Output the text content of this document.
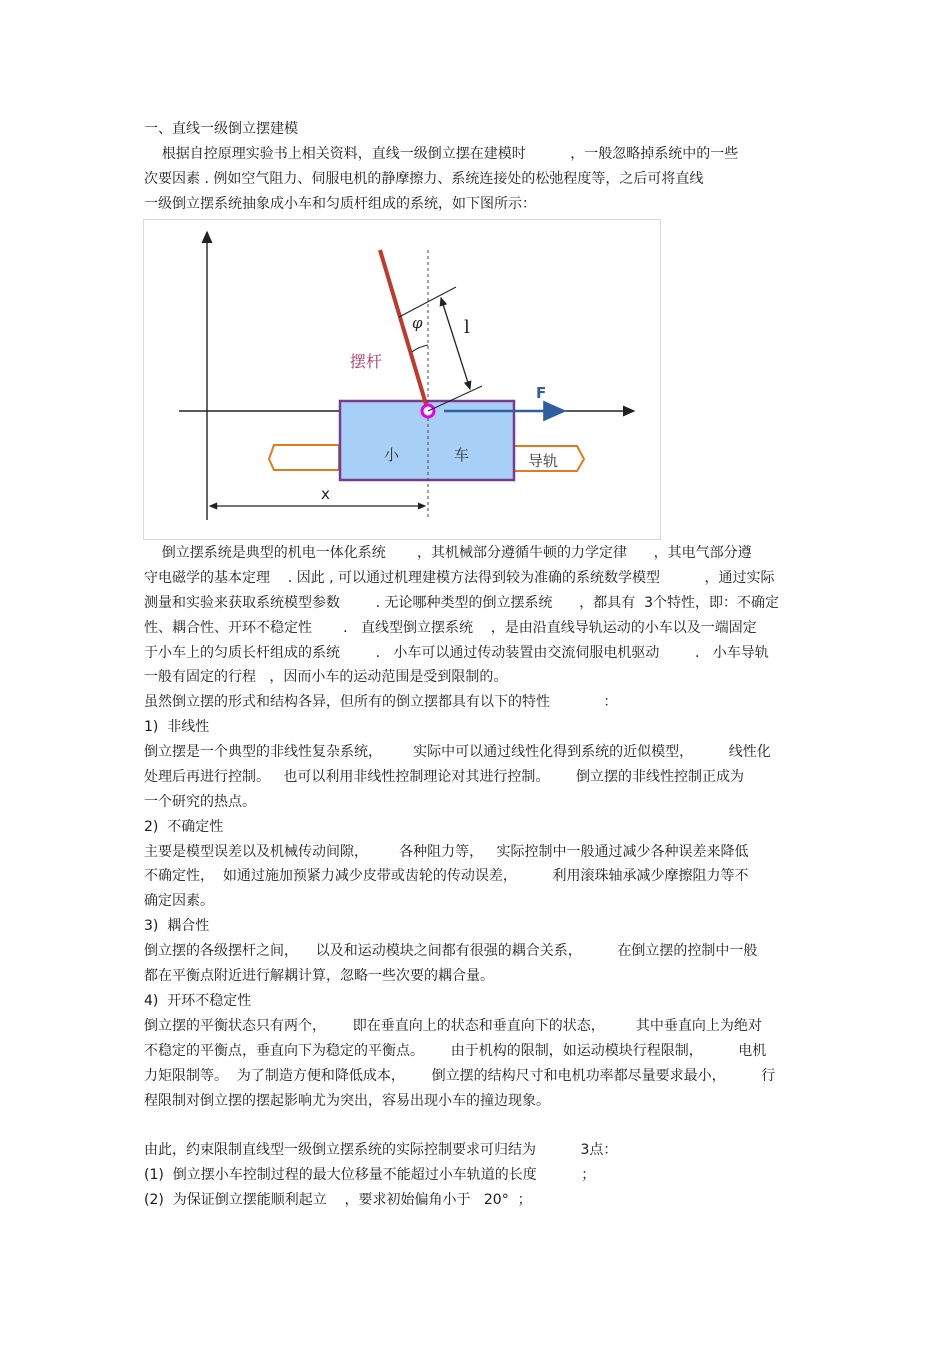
一、直线一级倒立摆建模
根据自控原理实验书上相关资料，直线一级倒立摆在建模时          ，一般忽略掉系统中的一些
次要因素 . 例如空气阻力、伺服电机的静摩擦力、系统连接处的松弛程度等，之后可将直线
一级倒立摆系统抽象成小车和匀质杆组成的系统，如下图所示：
摆杆
φ l
F
小	车	导轨
x
倒立摆系统是典型的机电一体化系统       ，其机械部分遵循牛顿的力学定律      ，其电气部分遵
守电磁学的基本定理    . 因此 , 可以通过机理建模方法得到较为准确的系统数学模型          ，通过实际
测量和实验来获取系统模型参数        . 无论哪种类型的倒立摆系统      ，都具有  3个特性，即：不确定
性、耦合性、开环不稳定性       .   直线型倒立摆系统    ，是由沿直线导轨运动的小车以及一端固定
于小车上的匀质长杆组成的系统        .   小车可以通过传动装置由交流伺服电机驱动        .   小车导轨
一般有固定的行程   ，因而小车的运动范围是受到限制的。
虽然倒立摆的形式和结构各异，但所有的倒立摆都具有以下的特性            ：
1)  非线性
倒立摆是一个典型的非线性复杂系统，       实际中可以通过线性化得到系统的近似模型，        线性化
处理后再进行控制。   也可以利用非线性控制理论对其进行控制。      倒立摆的非线性控制正成为
一个研究的热点。
2)  不确定性
主要是模型误差以及机械传动间隙，       各种阻力等，   实际控制中一般通过减少各种误差来降低
不确定性，  如通过施加预紧力减少皮带或齿轮的传动误差，        利用滚珠轴承减少摩擦阻力等不
确定因素。
3)  耦合性
倒立摆的各级摆杆之间，    以及和运动模块之间都有很强的耦合关系，        在倒立摆的控制中一般
都在平衡点附近进行解耦计算，忽略一些次要的耦合量。
4)  开环不稳定性
倒立摆的平衡状态只有两个，      即在垂直向上的状态和垂直向下的状态，       其中垂直向上为绝对
不稳定的平衡点，垂直向下为稳定的平衡点。      由于机构的限制，如运动模块行程限制，        电机
力矩限制等。  为了制造方便和降低成本，      倒立摆的结构尺寸和电机功率都尽量要求最小，        行
程限制对倒立摆的摆起影响尤为突出，容易出现小车的撞边现象。
由此，约束限制直线型一级倒立摆系统的实际控制要求可归结为          3点：
(1)  倒立摆小车控制过程的最大位移量不能超过小车轨道的长度          ；
(2)  为保证倒立摆能顺利起立    ，要求初始偏角小于   20°  ；
